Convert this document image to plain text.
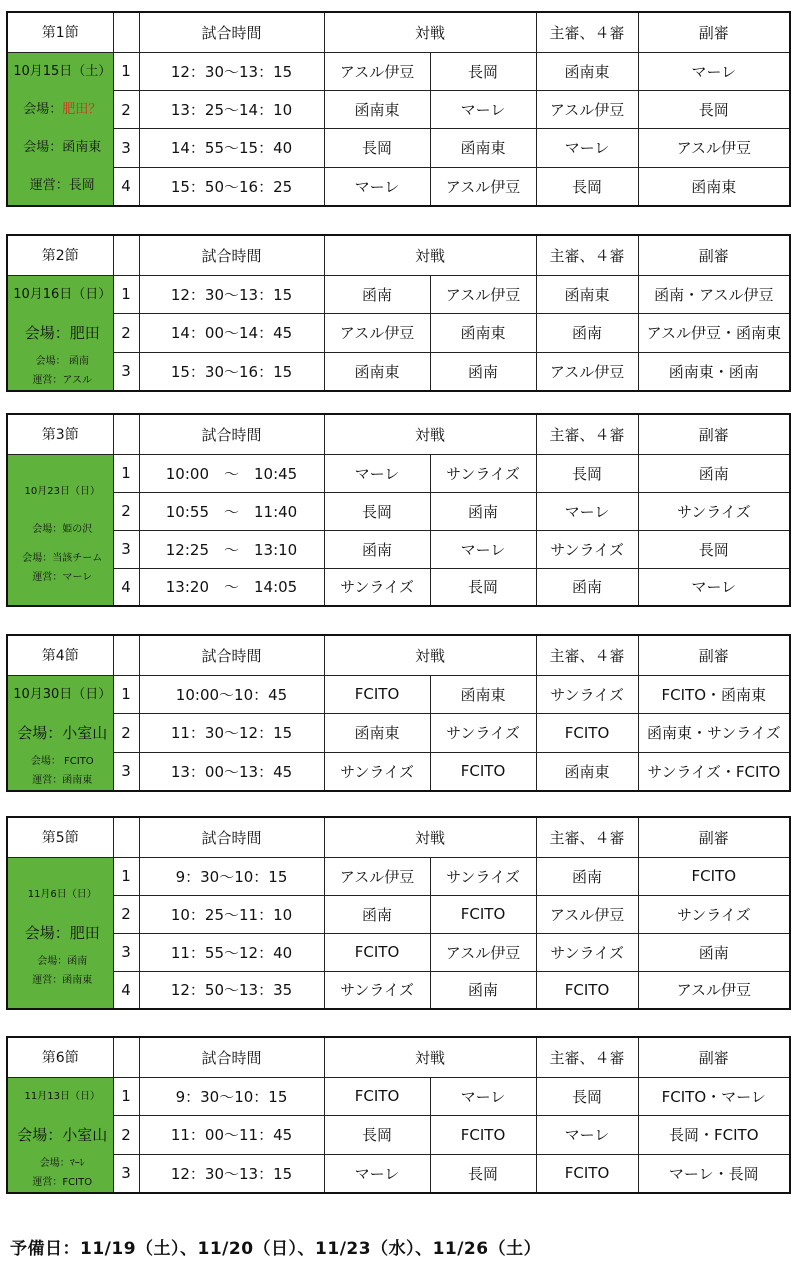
第1節		試合時間	対戦		主審、４審	副審

10月15日（土）
会場：肥田？
会場：函南東
運営：長岡	1	12：30〜13：15	アスル伊豆	長岡	函南東	マーレ
	2	13：25〜14：10	函南東	マーレ	アスル伊豆	長岡
	3	14：55〜15：40	長岡	函南東	マーレ	アスル伊豆
	4	15：50〜16：25	マーレ	アスル伊豆	長岡	函南東
第2節		試合時間	対戦		主審、４審	副審

10月16日（日）
会場：肥田
会場： 函南
運営：アスル	1	12：30〜13：15	函南	アスル伊豆	函南東	函南・アスル伊豆
	2	14：00〜14：45	アスル伊豆	函南東	函南	アスル伊豆・函南東
	3	15：30〜16：15	函南東	函南	アスル伊豆	函南東・函南
第3節		試合時間	対戦		主審、４審	副審

10月23日（日）
会場：姫の沢
会場：当該チーム
運営：マーレ	1	10:00　〜　10:45	マーレ	サンライズ	長岡	函南
	2	10:55　〜　11:40	長岡	函南	マーレ	サンライズ
	3	12:25　〜　13:10	函南	マーレ	サンライズ	長岡
	4	13:20　〜　14:05	サンライズ	長岡	函南	マーレ
第4節		試合時間	対戦		主審、４審	副審

10月30日（日）
会場：小室山
会場： FCITO
運営：函南東	1	10:00〜10：45	FCITO	函南東	サンライズ	FCITO・函南東
	2	11：30〜12：15	函南東	サンライズ	FCITO	函南東・サンライズ
	3	13：00〜13：45	サンライズ	FCITO	函南東	サンライズ・FCITO
第5節		試合時間	対戦		主審、４審	副審

11月6日（日）
会場：肥田
会場：函南
運営：函南東	1	9：30〜10：15	アスル伊豆	サンライズ	函南	FCITO
	2	10：25〜11：10	函南	FCITO	アスル伊豆	サンライズ
	3	11：55〜12：40	FCITO	アスル伊豆	サンライズ	函南
	4	12：50〜13：35	サンライズ	函南	FCITO	アスル伊豆
第6節		試合時間	対戦		主審、４審	副審

11月13日（日）
会場：小室山
会場：ﾏｰﾚ
運営：FCITO	1	9：30〜10：15	FCITO	マーレ	長岡	FCITO・マーレ
	2	11：00〜11：45	長岡	FCITO	マーレ	長岡・FCITO
	3	12：30〜13：15	マーレ	長岡	FCITO	マーレ・長岡
予備日：11/19（土）、11/20（日）、11/23（水）、11/26（土）
